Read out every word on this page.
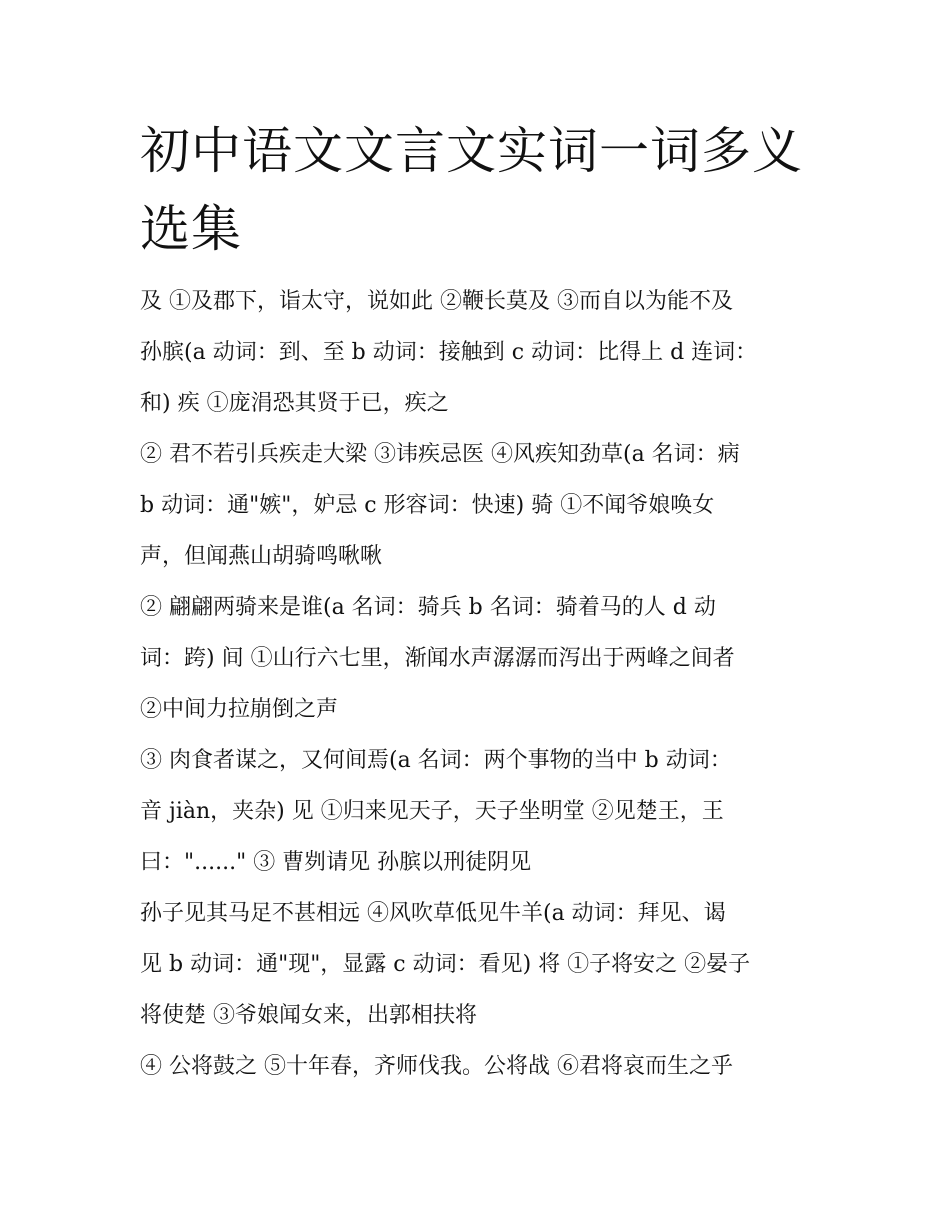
初中语文文言文实词一词多义
选集
及 ①及郡下，诣太守，说如此 ②鞭长莫及 ③而自以为能不及
孙膑(a 动词：到、至 b 动词：接触到 c 动词：比得上 d 连词：
和) 疾 ①庞涓恐其贤于已，疾之
② 君不若引兵疾走大梁 ③讳疾忌医 ④风疾知劲草(a 名词：病
b 动词：通"嫉"，妒忌 c 形容词：快速) 骑 ①不闻爷娘唤女
声，但闻燕山胡骑鸣啾啾
② 翩翩两骑来是谁(a 名词：骑兵 b 名词：骑着马的人 d 动
词：跨) 间 ①山行六七里，渐闻水声潺潺而泻出于两峰之间者
②中间力拉崩倒之声
③ 肉食者谋之，又何间焉(a 名词：两个事物的当中 b 动词：
音 jiàn，夹杂) 见 ①归来见天子，天子坐明堂 ②见楚王，王
曰："......" ③ 曹刿请见 孙膑以刑徒阴见
孙子见其马足不甚相远 ④风吹草低见牛羊(a 动词：拜见、谒
见 b 动词：通"现"，显露 c 动词：看见) 将 ①子将安之 ②晏子
将使楚 ③爷娘闻女来，出郭相扶将
④ 公将鼓之 ⑤十年春，齐师伐我。公将战 ⑥君将哀而生之乎
